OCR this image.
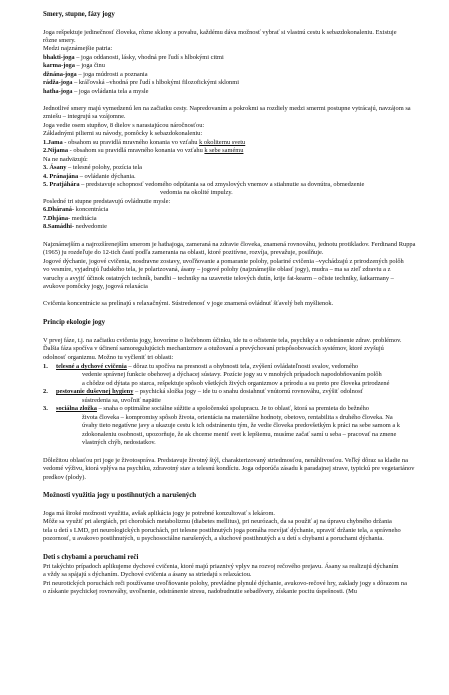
Smery, stupne, fázy jogy
Joga rešpektuje jedinečnosť človeka, rôzne sklony a povahu, každému dáva možnosť vybrať si vlastnú cestu k sebazdokonaleniu. Existuje
rôzne smery.
Medzi najznámejšie patria:
bhakti-joga – joga oddanosti, lásky, vhodná pre ľudí s hlbokými citmi
karma-joga – joga činu
džnána-joga – joga múdrosti a poznania
rádža-joga – kráľovská –vhodná pre ľudí s hlbokými filozofickými sklonmi
hatha-joga – joga ovládania tela a mysle
Jednotlivé smery majú vymedzenú len na začiatku cesty. Napredovaním a pokrokmi sa rozdiely medzi smermi postupne vytrácajú, navzájom sa
zmiešu – integrujú sa vzájomne.
Joga vedie osem stupňov, 8 dielov s narastajúcou náročnosťou:
Základnými pilierni su návody, pomôcky k sebazdokonaleniu:
1.Jama - obsahom su pravidlá mravného konania vo vzťahu k okoliternu svetu
2.Nijama - obsahom su pravidlá mravného konania vo vzťahu k sebe samému
Na ne nadväzujú:
3. Ásany – telesné polohy, pozícia tela
4. Pránajána – ovládanie dýchania.
5. Pratjáhára – predstavuje schopnosť vedomého odpútania sa od zmyslových vnemov a stiahnutie sa dovnútra, obmedzenie
vedomia na okolité impulzy.
Posledné tri stupne predstavujú ovládnutie mysle:
6.Dháraná- koncentrácia
7.Dhjána- meditácia
8.Samádhi- nedvedomie
Najznámejším a najrozšírenejším smerom je hathajoga, zameraná na zdravie človeka, znamená rovnováhu, jednotu protikladov. Ferdinand Ruppa
(1965) ju rozdeľuje do 12-tich častí podľa zamerania na oblasti, ktoré pozitívne, rozvíja, prevažuje, posilňuje.
Jogové dýchanie, jogové cvičenia, nosdravne zostavy, uvoľňovanie a pomaranie polohy, polariné cvičenia –vychádzajú z prirodzených polôh
vo vesmíre, vyjadrujú ľudského tela, je polarizovaná, ásany – jogové polohy (najznámejšie oblasť jogy), mudra – ma sa zieľ zdraviu a z
varuchy a avyjiť účinok ostatných techník, bandhi – techniky na uzavretie telových dutín, krije fat-kearm – očiste techniky, šatkarmany –
avukove pomôcky jogy, jogová relaxácia
Cvičenia koncentrácie sa prelínajú s relaxačnými. Sústredenosť v joge znamená ovládnuť šťavelý beh myšlienok.
Princíp ekologie jogy
V prvej fáze, t.j. na začiatku cvičenia jogy, hovoríme o liečebnom účinku, ide tu o očistenie tela, psychiky a o odstránenie zdrav. problémov.
Ďalšia fáza spočíva v účinení samoregulujúcich mechanizmov a otužovaní a prevýchovaní prispôsobovacích systémov, ktoré zvyšujú
odolnosť organizmu. Možno tu vyčleniť tri oblasti:
1. telesné a dychové cvičenia – dôraz tu spočíva na presnosti a ohybnosti tela, zvýšení ovládateľnosti svalov, vedomého
vedenie správnej funkcie obehovej a dýchacej sústavy. Pozície jogy su v mnohých prípadoch napodobňovaním polôh
a chôdze od dýtata po starca, rešpektuje spôsob všetkých živých organizmov a prírodu a su preto pre človeka prirodzené
2. pestovanie duševnej hygieny – psychická složka jogy – ide tu o snahu dosiahnuť vnútornú rovnováhu, zvýšiť odolnosť
sústredenia sa, uvoľniť napätie
3. sociálna zložka – snaha o optimálne sociálne súžitie a spoločenskú spolupracu. Je to oblasť, ktorá sa premieta do bežného
života človeka – kompromisy spôsob života, orientácia na materiálne hodnoty, obetovo, rentabilita s druhého človeka. Na
úvahy tieto negatívne javy a ukazuje cestu k ich odstráneniu tým, že vedie človeka predovšetkým k práci na sebe samom a k
zdokonaleniu osobnosti, upozorňuje, že ak chceme meniť svet k lepšiemu, musíme začať samí u seba – pracovať na zmene
vlastných chýb, nedostatkov.
Dôležitou oblasťou pri joge je životospráva. Predstavuje životný štýl, charakterizovaný striedmosťou, nenáhlivosťou. Veľký dôraz sa kladie na
vedomé výživu, ktorá vplýva na psychiku, zdravotný stav a telesnú kondíciu. Joga odporúča zásadu k paradajnej strave, typickú pre vegetariánov
predkov (plody).
Možnosti využitia jogy u postihnutých a narušených
Joga má široké možnosti využitia, avšak aplikácia jogy je potrebné konzultovať s lekárom.
Môže sa využiť pri alergiách, pri chorobách metabolizmu (diabetes mellitus), pri neurózach, da sa použiť aj na úpravu chybného držania
tela u detí s LMD, pri neurologických poruchách, pri telesne postihnutých joga pomáha rozvíjať dýchanie, upraviť držanie tela, a správneho
pozornosť, u avakovo postihnutých, u psychosociálne narušených, a sluchové postihnutých a u detí s chybami a poruchami dýchania.
Deti s chybami a poruchami reči
Pri takýchto prípadoch aplikujeme dychové cvičenia, ktoré majú priaznivý vplyv na rozvoj rečového prejavu. Ásany sa realizujú dýchaním
a vždy sa spájajú s dýchaním. Dychové cvičenia a ásany sa striedajú s relaxáciou.
Pri neurotických poruchách reči používame uvoľňovanie polohy, prevládne plynulé dýchanie, avukovo-rečové hry, zaklady jogy s dôrazom na
o získanie psychickej rovnováhy, uvoľnenie, odstránenie stresu, nadobudnutie sebadôvery, získanie pocitu úspešnosti. (Mu
